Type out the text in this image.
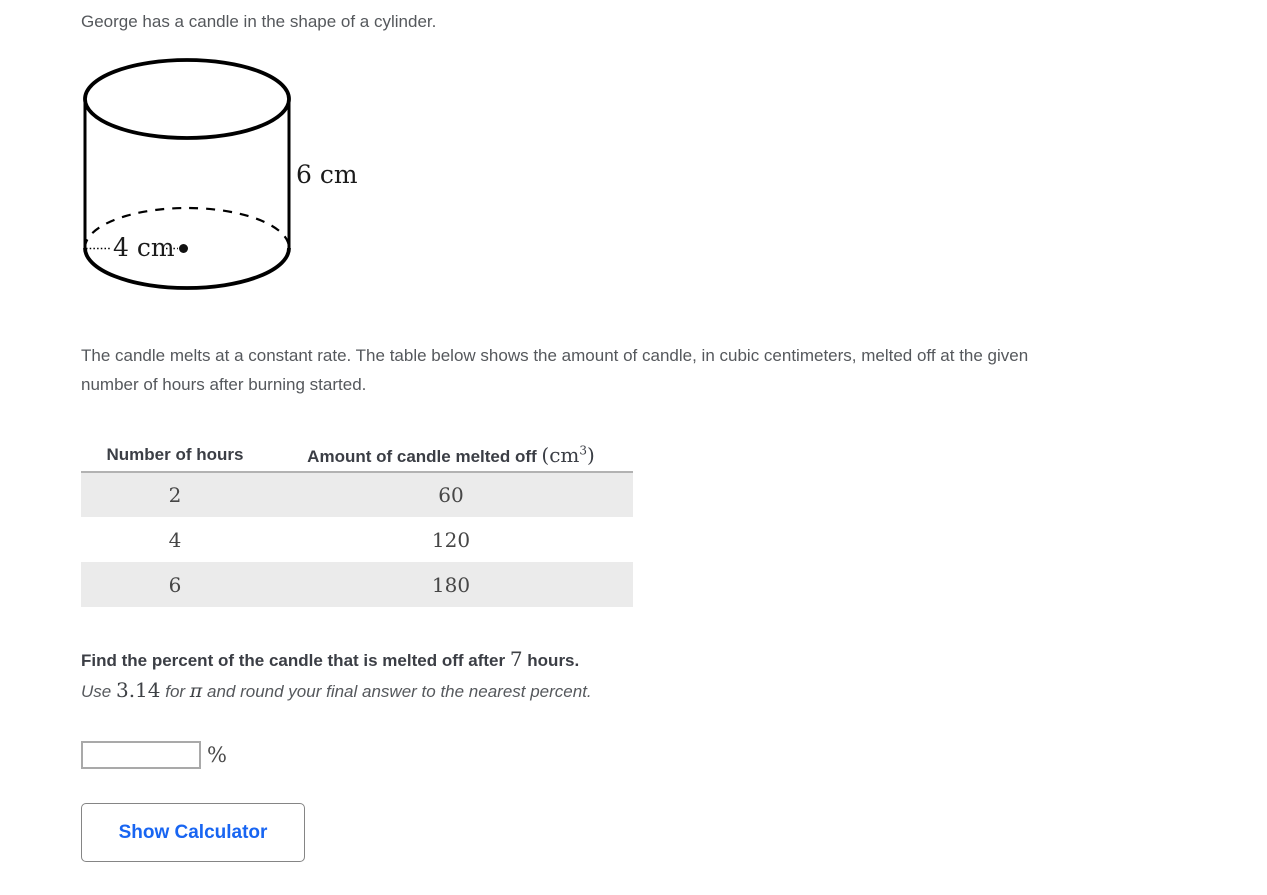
George has a candle in the shape of a cylinder.

4 cm
6 cm

The candle melts at a constant rate. The table below shows the amount of candle, in cubic centimeters, melted off at the given number of hours after burning started.

Number of hours	Amount of candle melted off $(cm^3)$
2	60
4	120
6	180

Find the percent of the candle that is melted off after 7 hours.

Use 3.14 for π and round your final answer to the nearest percent.

%
Show Calculator
